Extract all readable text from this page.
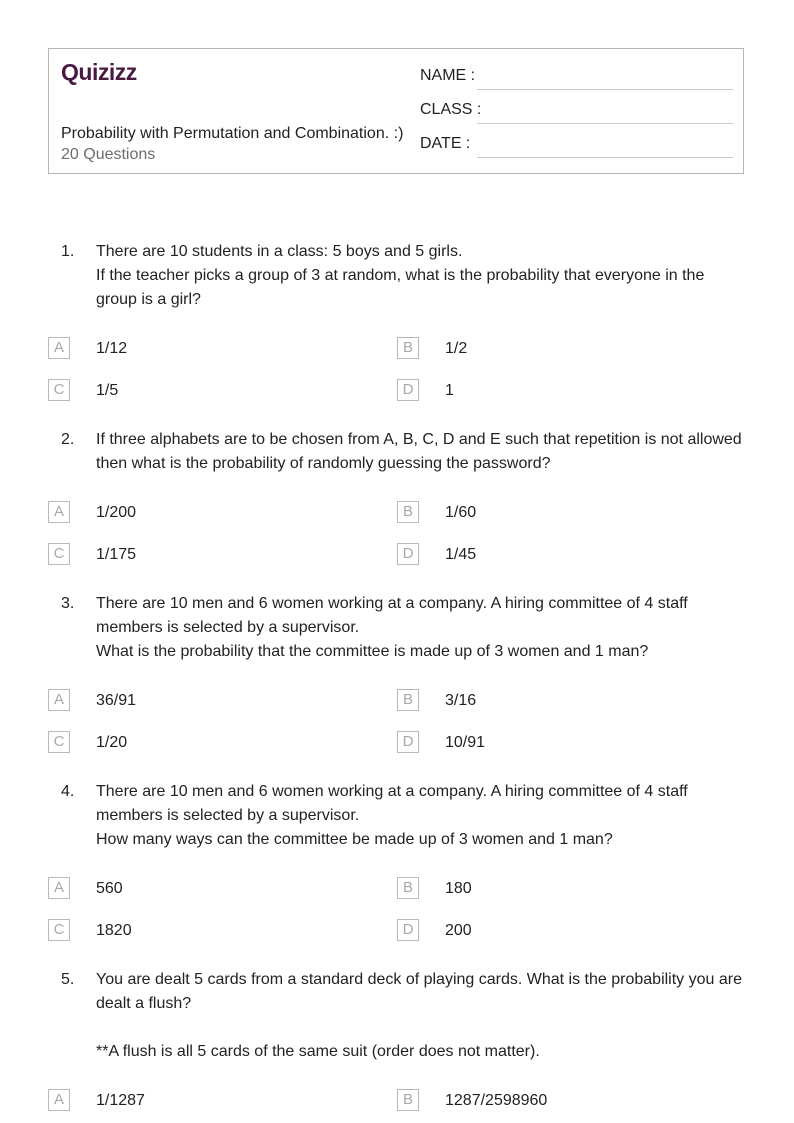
Quizizz
Probability with Permutation and Combination. :)
20 Questions
NAME :
CLASS :
DATE :
1. There are 10 students in a class: 5 boys and 5 girls.

If the teacher picks a group of 3 at random, what is the probability that everyone in the group is a girl?

A	1/12	B	1/2
C	1/5	D	1
2. If three alphabets are to be chosen from A, B, C, D and E such that repetition is not allowed then what is the probability of randomly guessing the password?

A	1/200	B	1/60
C	1/175	D	1/45
3. There are 10 men and 6 women working at a company. A hiring committee of 4 staff members is selected by a supervisor.

What is the probability that the committee is made up of 3 women and 1 man?

A	36/91	B	3/16
C	1/20	D	10/91
4. There are 10 men and 6 women working at a company. A hiring committee of 4 staff members is selected by a supervisor.

How many ways can the committee be made up of 3 women and 1 man?

A	560	B	180
C	1820	D	200
5. You are dealt 5 cards from a standard deck of playing cards. What is the probability you are dealt a flush?

**A flush is all 5 cards of the same suit (order does not matter).

A	1/1287	B	1287/2598960
